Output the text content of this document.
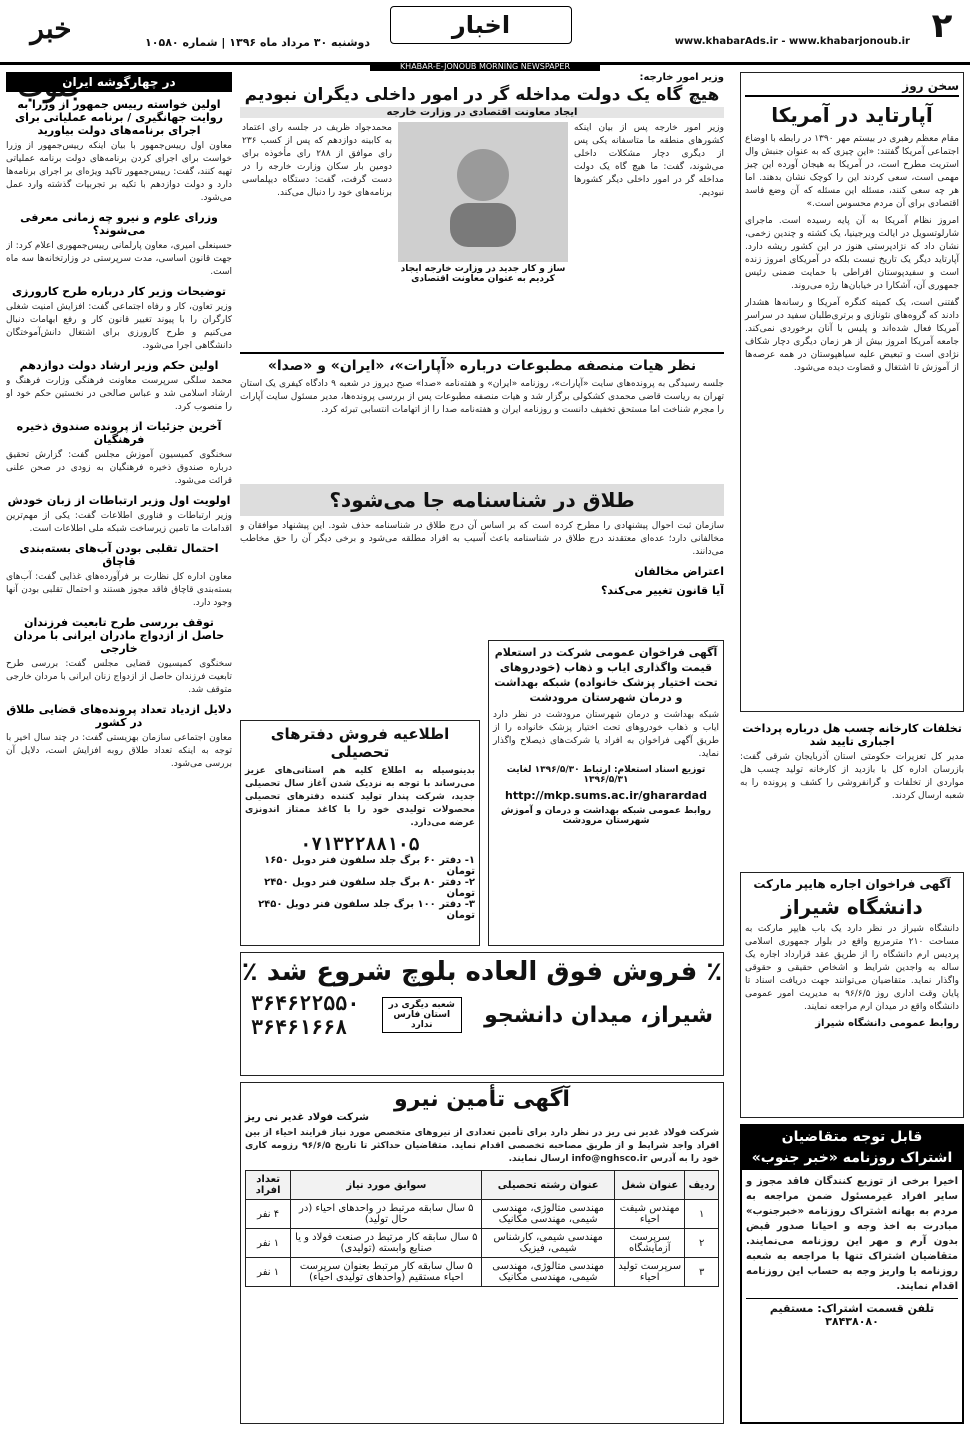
۲
www.khabarAds.ir - www.khabarjonoub.ir
اخبار
دوشنبه ۳۰ مرداد ماه ۱۳۹۶ | شماره ۱۰۵۸۰
خبر
KHABAR-E-JONOUB MORNING NEWSPAPER
سخن روز
آپارتاید در آمریکا

مقام معظم رهبری در بیستم مهر ۱۳۹۰ در رابطه با اوضاع اجتماعی آمریکا گفتند: «این چیزی که به عنوان جنبش وال استریت مطرح است، در آمریکا به هیجان آورده این چیز مهمی است، سعی کردند این را کوچک نشان بدهند. اما هر چه سعی کنند، مسئله این مسئله که آن وضع فاسد اقتصادی برای آن مردم محسوس است.»

امروز نظام آمریکا به آن پایه رسیده است. ماجرای شارلوتسویل در ایالت ویرجینیا، یک کشته و چندین زخمی، نشان داد که نژادپرستی هنوز در این کشور ریشه دارد. آپارتاید دیگر یک تاریخ نیست بلکه در آمریکای امروز زنده است و سفیدپوستان افراطی با حمایت ضمنی رئیس جمهوری آن، آشکارا در خیابان‌ها رژه می‌روند.

گفتنی است، یک کمیته کنگره آمریکا و رسانه‌ها هشدار دادند که گروه‌های نئونازی و برتری‌طلبان سفید در سراسر آمریکا فعال شده‌اند و پلیس با آنان برخوردی نمی‌کند. جامعه آمریکا امروز بیش از هر زمان دیگری دچار شکاف نژادی است و تبعیض علیه سیاهپوستان در همه عرصه‌ها از آموزش تا اشتغال و قضاوت دیده می‌شود.

تخلفات کارخانه چسب هل درباره پرداخت اجباری تایید شد

مدیر کل تعزیرات حکومتی استان آذربایجان شرقی گفت: بازرسان اداره کل با بازدید از کارخانه تولید چسب هل مواردی از تخلفات و گرانفروشی را کشف و پرونده را به شعبه ارسال کردند.

آگهی فراخوان اجاره هایپر مارکت
دانشگاه شیراز

دانشگاه شیراز در نظر دارد یک باب هایپر مارکت به مساحت ۲۱۰ مترمربع واقع در بلوار جمهوری اسلامی پردیس ارم دانشگاه را از طریق عقد قرارداد اجاره یک ساله به واجدین شرایط و اشخاص حقیقی و حقوقی واگذار نماید. متقاضیان می‌توانند جهت دریافت اسناد تا پایان وقت اداری روز ۹۶/۶/۵ به مدیریت امور عمومی دانشگاه واقع در میدان ارم مراجعه نمایند.

روابط عمومی دانشگاه شیراز
قابل توجه متقاضیان
اشتراک روزنامه «خبر جنوب»

اخیرا برخی از توزیع کنندگان فاقد مجوز و سایر افراد غیرمسئول ضمن مراجعه به مردم به بهانه اشتراک روزنامه «خبرجنوب» مبادرت به اخذ وجه و احیانا صدور قبض بدون آرم و مهر این روزنامه می‌نمایند. متقاضیان اشتراک تنها با مراجعه به شعبه روزنامه یا واریز وجه به حساب این روزنامه اقدام نمایند.

تلفن قسمت اشتراک: مستقیم ۳۸۴۳۸۰۸۰
در چهارگوشه ایران
اولین خواسته رییس جمهور از وزرا به روایت جهانگیری / برنامه عملیاتی برای اجرای برنامه‌های دولت بیاورید

معاون اول رییس‌جمهور با بیان اینکه رییس‌جمهور از وزرا خواست برای اجرای کردن برنامه‌های دولت برنامه عملیاتی تهیه کنند، گفت: رییس‌جمهور تاکید ویژه‌ای بر اجرای برنامه‌ها دارد و دولت دوازدهم با تکیه بر تجربیات گذشته وارد عمل می‌شود.

وزرای علوم و نیرو چه زمانی معرفی می‌شوند؟

حسینعلی امیری، معاون پارلمانی رییس‌جمهوری اعلام کرد: از جهت قانون اساسی، مدت سرپرستی در وزارتخانه‌ها سه ماه است.

توضیحات وزیر کار درباره طرح کارورزی

وزیر تعاون، کار و رفاه اجتماعی گفت: افزایش امنیت شغلی کارگران را با پیوند تغییر قانون کار و رفع ابهامات دنبال می‌کنیم و طرح کارورزی برای اشتغال دانش‌آموختگان دانشگاهی اجرا می‌شود.

اولین حکم وزیر ارشاد دولت دوازدهم

محمد سلگی سرپرست معاونت فرهنگی وزارت فرهنگ و ارشاد اسلامی شد و عباس صالحی در نخستین حکم خود او را منصوب کرد.

آخرین جزئیات از پرونده صندوق ذخیره فرهنگیان

سخنگوی کمیسیون آموزش مجلس گفت: گزارش تحقیق درباره صندوق ذخیره فرهنگیان به زودی در صحن علنی قرائت می‌شود.

اولویت اول وزیر ارتباطات از زبان خودش

وزیر ارتباطات و فناوری اطلاعات گفت: یکی از مهم‌ترین اقدامات ما تامین زیرساخت شبکه ملی اطلاعات است.

احتمال تقلبی بودن آب‌های بسته‌بندی قاچاق

معاون اداره کل نظارت بر فرآورده‌های غذایی گفت: آب‌های بسته‌بندی قاچاق فاقد مجوز هستند و احتمال تقلبی بودن آنها وجود دارد.

توقف بررسی طرح تابعیت فرزندان حاصل از ازدواج مادران ایرانی با مردان خارجی

سخنگوی کمیسیون قضایی مجلس گفت: بررسی طرح تابعیت فرزندان حاصل از ازدواج زنان ایرانی با مردان خارجی متوقف شد.

دلایل ازدیاد تعداد پرونده‌های قضایی طلاق در کشور

معاون اجتماعی سازمان بهزیستی گفت: در چند سال اخیر با توجه به اینکه تعداد طلاق روبه افزایش است، دلایل آن بررسی می‌شود.

وزیر امور خارجه:
هیچ گاه یک دولت مداخله گر در امور داخلی دیگران نبودیم
ایجاد معاونت اقتصادی در وزارت خارجه

وزیر امور خارجه پس از بیان اینکه کشورهای منطقه ما متاسفانه یکی پس از دیگری دچار مشکلات داخلی می‌شوند، گفت: ما هیچ گاه یک دولت مداخله گر در امور داخلی دیگر کشورها نبودیم.

ساز و کار جدید در وزارت خارجه ایجاد کردیم به عنوان معاونت اقتصادی

محمدجواد ظریف در جلسه رای اعتماد به کابینه دوازدهم که پس از کسب ۲۳۶ رای موافق از ۲۸۸ رای مأخوذه برای دومین بار سکان وزارت خارجه را در دست گرفت، گفت: دستگاه دیپلماسی برنامه‌های خود را دنبال می‌کند.

نظر هیات منصفه مطبوعات درباره «آپارات»، «ایران» و «صدا»

جلسه رسیدگی به پرونده‌های سایت «آپارات»، روزنامه «ایران» و هفته‌نامه «صدا» صبح دیروز در شعبه ۹ دادگاه کیفری یک استان تهران به ریاست قاضی محمدی کشکولی برگزار شد و هیات منصفه مطبوعات پس از بررسی پرونده‌ها، مدیر مسئول سایت آپارات را مجرم شناخت اما مستحق تخفیف دانست و روزنامه ایران و هفته‌نامه صدا را از اتهامات انتسابی تبرئه کرد.

طلاق در شناسنامه جا می‌شود؟

سازمان ثبت احوال پیشنهادی را مطرح کرده است که بر اساس آن درج طلاق در شناسنامه حذف شود. این پیشنهاد موافقان و مخالفانی دارد؛ عده‌ای معتقدند درج طلاق در شناسنامه باعث آسیب به افراد مطلقه می‌شود و برخی دیگر آن را حق مخاطب می‌دانند.

اعتراض مخالفان
آیا قانون تغییر می‌کند؟
آگهی فراخوان عمومی شرکت در استعلام قیمت واگذاری ایاب و ذهاب (خودروهای تحت اختیار پزشک خانواده) شبکه بهداشت و درمان شهرستان مرودشت

شبکه بهداشت و درمان شهرستان مرودشت در نظر دارد ایاب و ذهاب خودروهای تحت اختیار پزشک خانواده را از طریق آگهی فراخوان به افراد یا شرکت‌های ذیصلاح واگذار نماید.

توزیع اسناد استعلام: ارتباط ۱۳۹۶/۵/۳۰ لغایت ۱۳۹۶/۵/۳۱
http://mkp.sums.ac.ir/gharardad
روابط عمومی شبکه بهداشت و درمان و آموزش شهرستان مرودشت
اطلاعیه فروش دفترهای تحصیلی

بدینوسیله به اطلاع کلیه هم استانی‌های عزیز می‌رساند با توجه به نزدیک شدن آغاز سال تحصیلی جدید، شرکت پندار تولید کننده دفترهای تحصیلی محصولات تولیدی خود را با کاغذ ممتاز اندونزی عرضه می‌دارد.

۰۷۱۳۲۲۸۸۱۰۵
۱- دفتر ۶۰ برگ جلد سلفون فنر دوبل ۱۶۵۰ تومان
۲- دفتر ۸۰ برگ جلد سلفون فنر دوبل ۲۴۵۰ تومان
۳- دفتر ۱۰۰ برگ جلد سلفون فنر دوبل ۲۴۵۰ تومان
٪ فروش فوق العاده بلوچ شروع شد ٪
شیراز، میدان دانشجو
شعبه دیگری در استان فارس ندارد
۳۶۴۶۲۲۵۵۰
۳۶۴۶۱۶۶۸
آگهی تأمین نیرو
شرکت فولاد غدیر نی ریز

شرکت فولاد غدیر نی ریز در نظر دارد برای تأمین تعدادی از نیروهای متخصص مورد نیاز فرایند احیاء از بین افراد واجد شرایط و از طریق مصاحبه تخصصی اقدام نماید. متقاضیان حداکثر تا تاریخ ۹۶/۶/۵ رزومه کاری خود را به آدرس info@nghsco.ir ارسال نمایند.

ردیف	عنوان شغل	عنوان رشته تحصیلی	سوابق مورد نیاز	تعداد افراد
۱	مهندس شیفت احیاء	مهندسی متالوژی، مهندسی شیمی، مهندسی مکانیک	۵ سال سابقه مرتبط در واحدهای احیاء (در حال تولید)	۴ نفر
۲	سرپرست آزمایشگاه	مهندسی شیمی، کارشناس شیمی، فیزیک	۵ سال سابقه کار مرتبط در صنعت فولاد و یا صنایع وابسته (تولیدی)	۱ نفر
۳	سرپرست تولید احیاء	مهندسی متالوژی، مهندسی شیمی، مهندسی مکانیک	۵ سال سابقه کار مرتبط بعنوان سرپرست احیاء مستقیم (واحدهای تولیدی احیاء)	۱ نفر
